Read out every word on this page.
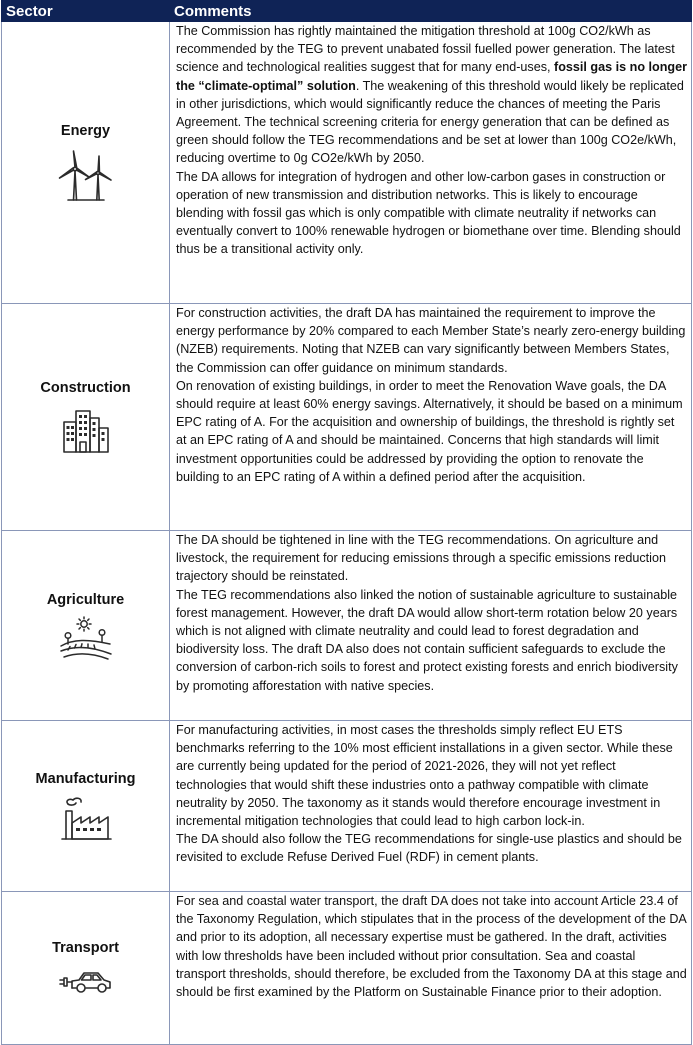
Sector	Comments

Energy	The Commission has rightly maintained the mitigation threshold at 100g CO2/kWh as recommended by the TEG to prevent unabated fossil fuelled power generation. The latest science and technological realities suggest that for many end-uses, fossil gas is no longer the “climate-optimal” solution. The weakening of this threshold would likely be replicated in other jurisdictions, which would significantly reduce the chances of meeting the Paris Agreement. The technical screening criteria for energy generation that can be defined as green should follow the TEG recommendations and be set at lower than 100g CO2e/kWh, reducing overtime to 0g CO2e/kWh by 2050.

The DA allows for integration of hydrogen and other low-carbon gases in construction or operation of new transmission and distribution networks. This is likely to encourage blending with fossil gas which is only compatible with climate neutrality if networks can eventually convert to 100% renewable hydrogen or biomethane over time. Blending should thus be a transitional activity only.

Construction	For construction activities, the draft DA has maintained the requirement to improve the energy performance by 20% compared to each Member State’s nearly zero-energy building (NZEB) requirements. Noting that NZEB can vary significantly between Members States, the Commission can offer guidance on minimum standards.

On renovation of existing buildings, in order to meet the Renovation Wave goals, the DA should require at least 60% energy savings. Alternatively, it should be based on a minimum EPC rating of A. For the acquisition and ownership of buildings, the threshold is rightly set at an EPC rating of A and should be maintained. Concerns that high standards will limit investment opportunities could be addressed by providing the option to renovate the building to an EPC rating of A within a defined period after the acquisition.

Agriculture	The DA should be tightened in line with the TEG recommendations. On agriculture and livestock, the requirement for reducing emissions through a specific emissions reduction trajectory should be reinstated.

The TEG recommendations also linked the notion of sustainable agriculture to sustainable forest management. However, the draft DA would allow short-term rotation below 20 years which is not aligned with climate neutrality and could lead to forest degradation and biodiversity loss. The draft DA also does not contain sufficient safeguards to exclude the conversion of carbon-rich soils to forest and protect existing forests and enrich biodiversity by promoting afforestation with native species.

Manufacturing	For manufacturing activities, in most cases the thresholds simply reflect EU ETS benchmarks referring to the 10% most efficient installations in a given sector. While these are currently being updated for the period of 2021-2026, they will not yet reflect technologies that would shift these industries onto a pathway compatible with climate neutrality by 2050. The taxonomy as it stands would therefore encourage investment in incremental mitigation technologies that could lead to high carbon lock-in.

The DA should also follow the TEG recommendations for single-use plastics and should be revisited to exclude Refuse Derived Fuel (RDF) in cement plants.

Transport	For sea and coastal water transport, the draft DA does not take into account Article 23.4 of the Taxonomy Regulation, which stipulates that in the process of the development of the DA and prior to its adoption, all necessary expertise must be gathered. In the draft, activities with low thresholds have been included without prior consultation. Sea and coastal transport thresholds, should therefore, be excluded from the Taxonomy DA at this stage and should be first examined by the Platform on Sustainable Finance prior to their adoption.
